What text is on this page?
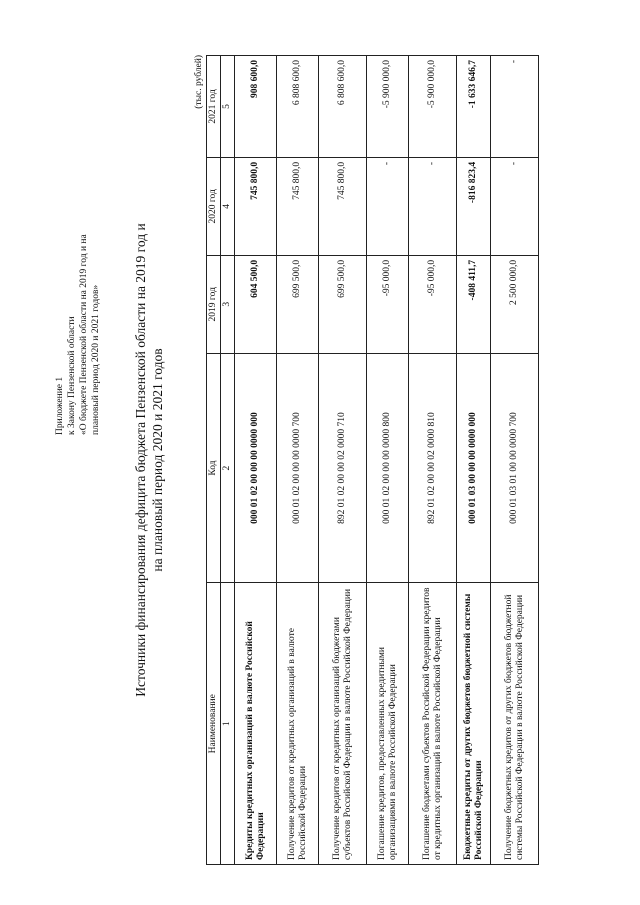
Приложение 1 к Закону Пензенской области «О бюджете Пензенской области на 2019 год и на плановый период 2020 и 2021 годов» Источники финансирования дефицита бюджета Пензенской области на 2019 год и на плановый период 2020 и 2021 годов
(тыс. рублей)
Наименование	Код	2019 год	2020 год	2021 год
1	2	3	4	5
Кредиты кредитных организаций в валюте Российской Федерации	000 01 02 00 00 00 0000 000	604 500,0	745 800,0	908 600,0
Получение кредитов от кредитных организаций в валюте Российской Федерации	000 01 02 00 00 00 0000 700	699 500,0	745 800,0	6 808 600,0
Получение кредитов от кредитных организаций бюджетами субъектов Российской Федерации в валюте Российской Федерации	892 01 02 00 00 02 0000 710	699 500,0	745 800,0	6 808 600,0
Погашение кредитов, предоставленных кредитными организациями в валюте Российской Федерации	000 01 02 00 00 00 0000 800	-95 000,0	-	-5 900 000,0
Погашение бюджетами субъектов Российской Федерации кредитов от кредитных организаций в валюте Российской Федерации	892 01 02 00 00 02 0000 810	-95 000,0	-	-5 900 000,0
Бюджетные кредиты от других бюджетов бюджетной системы Российской Федерации	000 01 03 00 00 00 0000 000	-408 411,7	-816 823,4	-1 633 646,7
Получение бюджетных кредитов от других бюджетов бюджетной системы Российской Федерации в валюте Российской Федерации	000 01 03 01 00 00 0000 700	2 500 000,0	-	-
